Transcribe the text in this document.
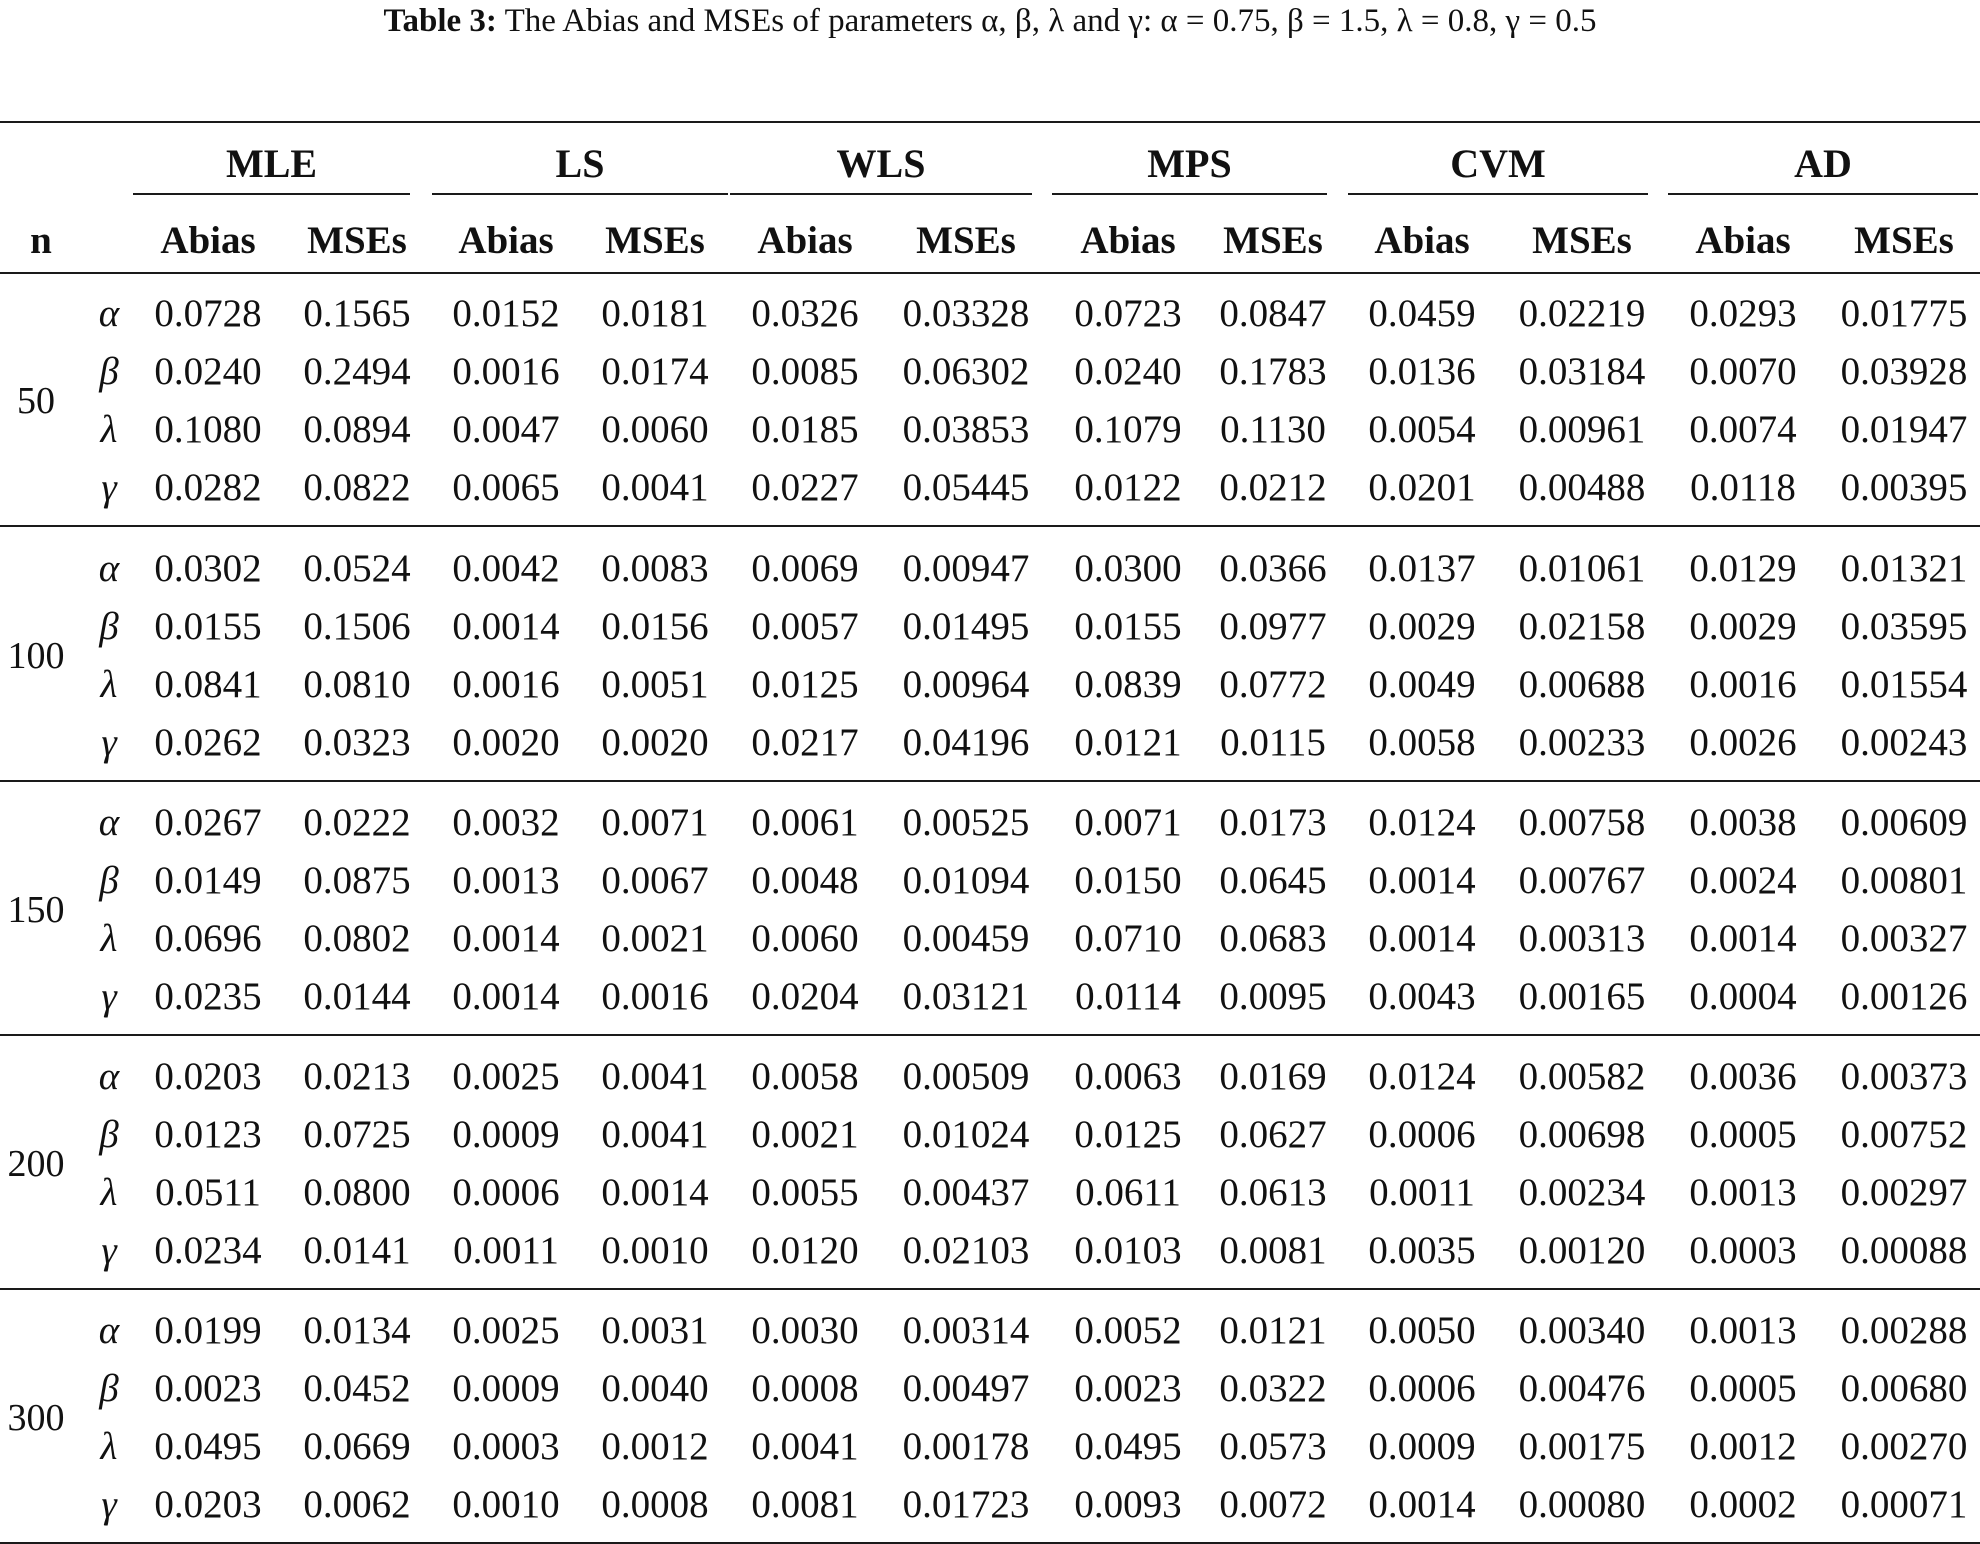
Table 3: The Abias and MSEs of parameters α, β, λ and γ: α = 0.75, β = 1.5, λ = 0.8, γ = 0.5
MLE	LS	WLS	MPS	CVM	AD
n	Abias	MSEs	Abias	MSEs	Abias	MSEs	Abias	MSEs	Abias	MSEs	Abias	MSEs
50
α 0.0728	0.1565	0.0152	0.0181	0.0326	0.03328	0.0723 0.0847	0.0459	0.02219	0.0293	0.01775
β 0.0240	0.2494	0.0016	0.0174	0.0085	0.06302	0.0240 0.1783	0.0136	0.03184	0.0070	0.03928
λ 0.1080	0.0894	0.0047	0.0060	0.0185	0.03853	0.1079 0.1130	0.0054	0.00961	0.0074	0.01947
γ 0.0282	0.0822	0.0065	0.0041	0.0227	0.05445	0.0122 0.0212	0.0201	0.00488	0.0118	0.00395
100
α 0.0302	0.0524	0.0042	0.0083	0.0069	0.00947	0.0300 0.0366	0.0137	0.01061	0.0129	0.01321
β 0.0155	0.1506	0.0014	0.0156	0.0057	0.01495	0.0155 0.0977	0.0029	0.02158	0.0029	0.03595
λ 0.0841	0.0810	0.0016	0.0051	0.0125	0.00964	0.0839 0.0772	0.0049	0.00688	0.0016	0.01554
γ 0.0262	0.0323	0.0020	0.0020	0.0217	0.04196	0.0121 0.0115	0.0058	0.00233	0.0026	0.00243
150
α 0.0267	0.0222	0.0032	0.0071	0.0061	0.00525	0.0071 0.0173	0.0124	0.00758	0.0038	0.00609
β 0.0149	0.0875	0.0013	0.0067	0.0048	0.01094	0.0150 0.0645	0.0014	0.00767	0.0024	0.00801
λ 0.0696	0.0802	0.0014	0.0021	0.0060	0.00459	0.0710 0.0683	0.0014	0.00313	0.0014	0.00327
γ 0.0235	0.0144	0.0014	0.0016	0.0204	0.03121	0.0114 0.0095	0.0043	0.00165	0.0004	0.00126
200
α 0.0203	0.0213	0.0025	0.0041	0.0058	0.00509	0.0063 0.0169	0.0124	0.00582	0.0036	0.00373
β 0.0123	0.0725	0.0009	0.0041	0.0021	0.01024	0.0125 0.0627	0.0006	0.00698	0.0005	0.00752
λ 0.0511	0.0800	0.0006	0.0014	0.0055	0.00437	0.0611 0.0613	0.0011	0.00234	0.0013	0.00297
γ 0.0234	0.0141	0.0011	0.0010	0.0120	0.02103	0.0103 0.0081	0.0035	0.00120	0.0003	0.00088
300
α 0.0199	0.0134	0.0025	0.0031	0.0030	0.00314	0.0052 0.0121	0.0050	0.00340	0.0013	0.00288
β 0.0023	0.0452	0.0009	0.0040	0.0008	0.00497	0.0023 0.0322	0.0006	0.00476	0.0005	0.00680
λ 0.0495	0.0669	0.0003	0.0012	0.0041	0.00178	0.0495 0.0573	0.0009	0.00175	0.0012	0.00270
γ 0.0203	0.0062	0.0010	0.0008	0.0081	0.01723	0.0093 0.0072	0.0014	0.00080	0.0002	0.00071
